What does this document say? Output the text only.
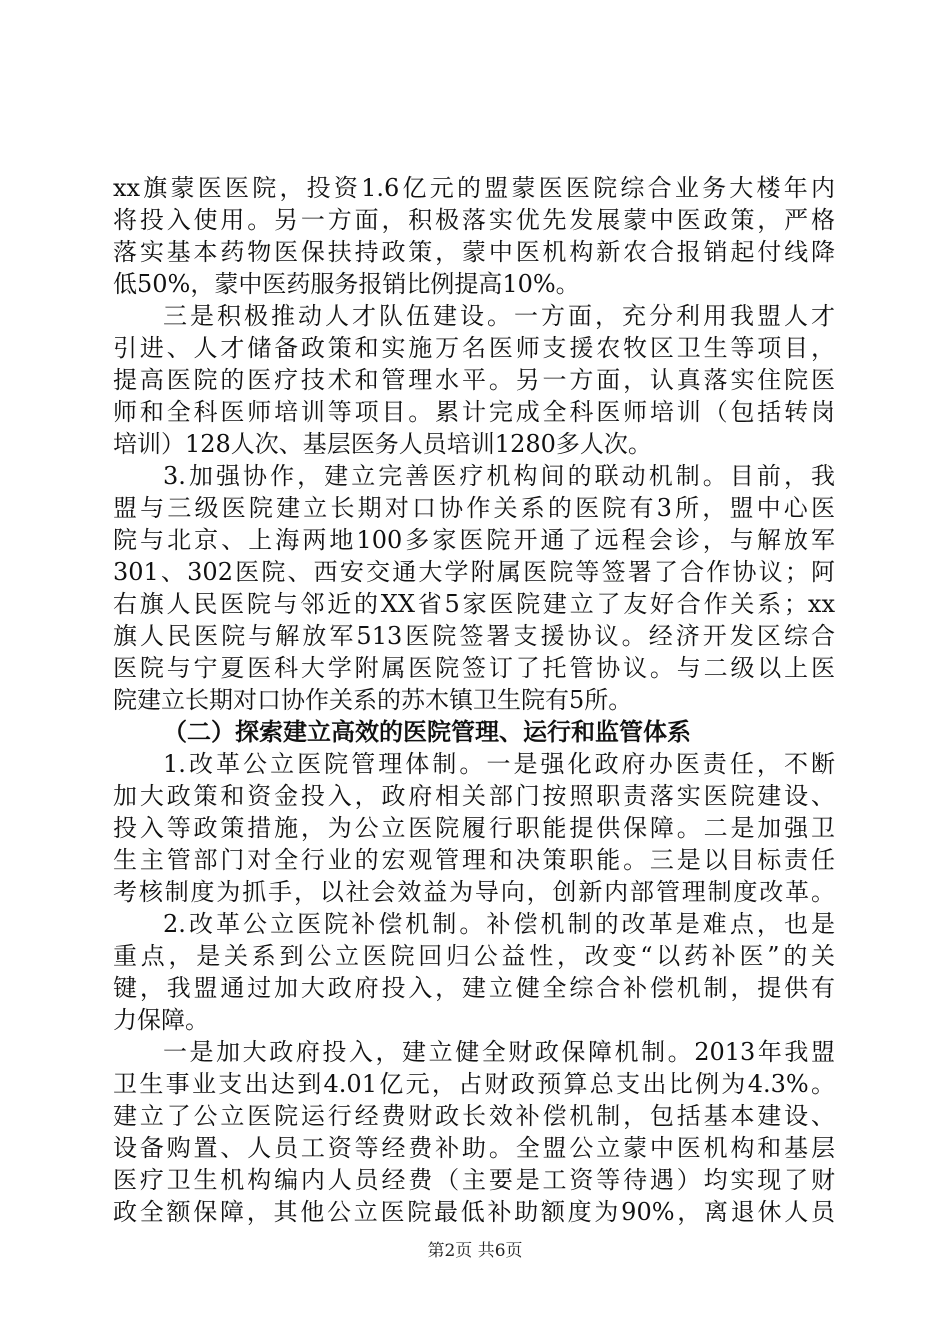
xx旗蒙医医院，投资1.6亿元的盟蒙医医院综合业务大楼年内
将投入使用。另一方面，积极落实优先发展蒙中医政策，严格
落实基本药物医保扶持政策，蒙中医机构新农合报销起付线降
低50%，蒙中医药服务报销比例提高10%。
三是积极推动人才队伍建设。一方面，充分利用我盟人才
引进、人才储备政策和实施万名医师支援农牧区卫生等项目，
提高医院的医疗技术和管理水平。另一方面，认真落实住院医
师和全科医师培训等项目。累计完成全科医师培训（包括转岗
培训）128人次、基层医务人员培训1280多人次。
3.加强协作，建立完善医疗机构间的联动机制。目前，我
盟与三级医院建立长期对口协作关系的医院有3所，盟中心医
院与北京、上海两地100多家医院开通了远程会诊，与解放军
301、302医院、西安交通大学附属医院等签署了合作协议；阿
右旗人民医院与邻近的XX省5家医院建立了友好合作关系；xx
旗人民医院与解放军513医院签署支援协议。经济开发区综合
医院与宁夏医科大学附属医院签订了托管协议。与二级以上医
院建立长期对口协作关系的苏木镇卫生院有5所。
（二）探索建立高效的医院管理、运行和监管体系
1.改革公立医院管理体制。一是强化政府办医责任，不断
加大政策和资金投入，政府相关部门按照职责落实医院建设、
投入等政策措施，为公立医院履行职能提供保障。二是加强卫
生主管部门对全行业的宏观管理和决策职能。三是以目标责任
考核制度为抓手，以社会效益为导向，创新内部管理制度改革。
2.改革公立医院补偿机制。补偿机制的改革是难点，也是
重点，是关系到公立医院回归公益性，改变“以药补医”的关
键，我盟通过加大政府投入，建立健全综合补偿机制，提供有
力保障。
一是加大政府投入，建立健全财政保障机制。2013年我盟
卫生事业支出达到4.01亿元，占财政预算总支出比例为4.3%。
建立了公立医院运行经费财政长效补偿机制，包括基本建设、
设备购置、人员工资等经费补助。全盟公立蒙中医机构和基层
医疗卫生机构编内人员经费（主要是工资等待遇）均实现了财
政全额保障，其他公立医院最低补助额度为90%，离退休人员
第2页 共6页
